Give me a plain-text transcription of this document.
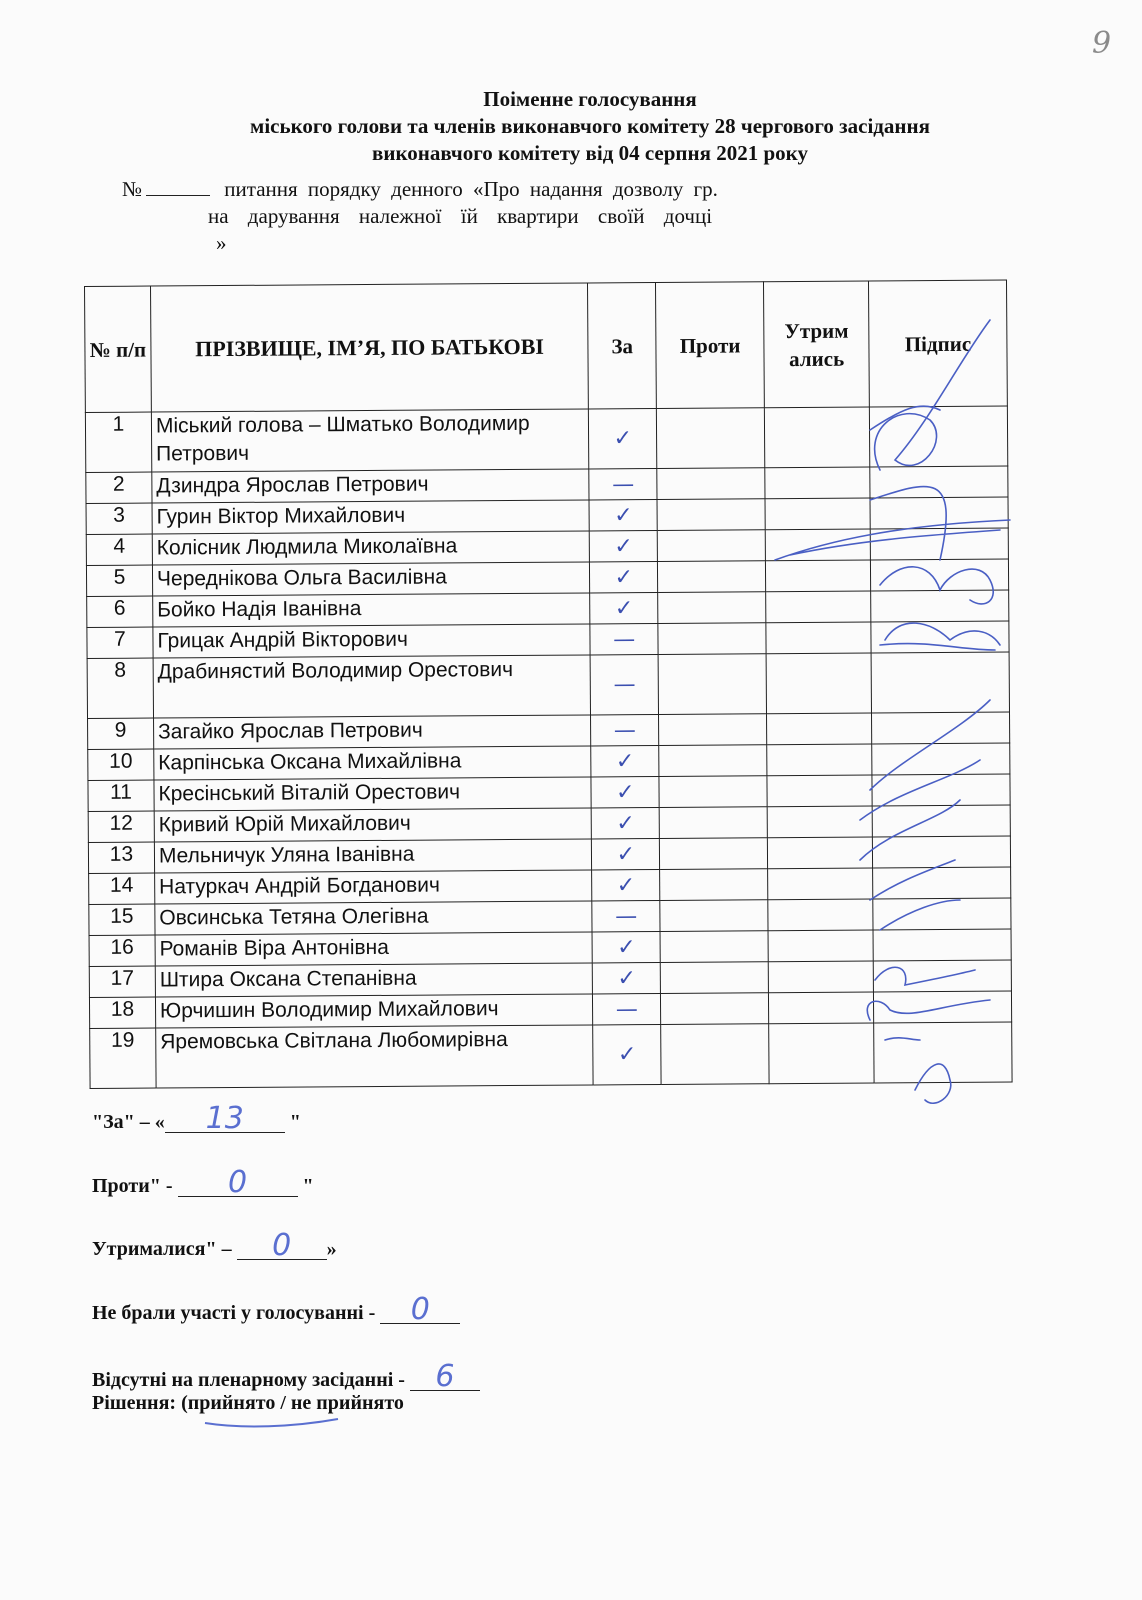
9
Поіменне голосування
міського голови та членів виконавчого комітету 28 чергового засідання
виконавчого комітету від 04 серпня 2021 року
№	питання порядку денного «Про надання дозволу гр.
на дарування належної їй квартири своїй дочці
»
№ п/п	ПРІЗВИЩЕ, ІМ’Я, ПО БАТЬКОВІ	За	Проти	Утрим ались	Підпис
1	Міський голова – Шматько Володимир Петрович	✓			
2	Дзиндра Ярослав Петрович	—			
3	Гурин Віктор Михайлович	✓			
4	Колісник Людмила Миколаївна	✓			
5	Череднікова Ольга Василівна	✓			
6	Бойко Надія Іванівна	✓			
7	Грицак Андрій Вікторович	—			
8	Драбинястий Володимир Орестович	—			
9	Загайко Ярослав Петрович	—			
10	Карпінська Оксана Михайлівна	✓			
11	Кресінський Віталій Орестович	✓			
12	Кривий Юрій Михайлович	✓			
13	Мельничук Уляна Іванівна	✓			
14	Натуркач Андрій Богданович	✓			
15	Овсинська Тетяна Олегівна	—			
16	Романів Віра Антонівна	✓			
17	Штира Оксана Степанівна	✓			
18	Юрчишин Володимир Михайлович	—			
19	Яремовська Світлана Любомирівна	✓			
"За" – « 13 "
Проти" - 0	"
Утрималися" – 0 »
Не брали участі у голосуванні - 0
Відсутні на пленарному засіданні - 6
Рішення: (прийнято / не прийнято
